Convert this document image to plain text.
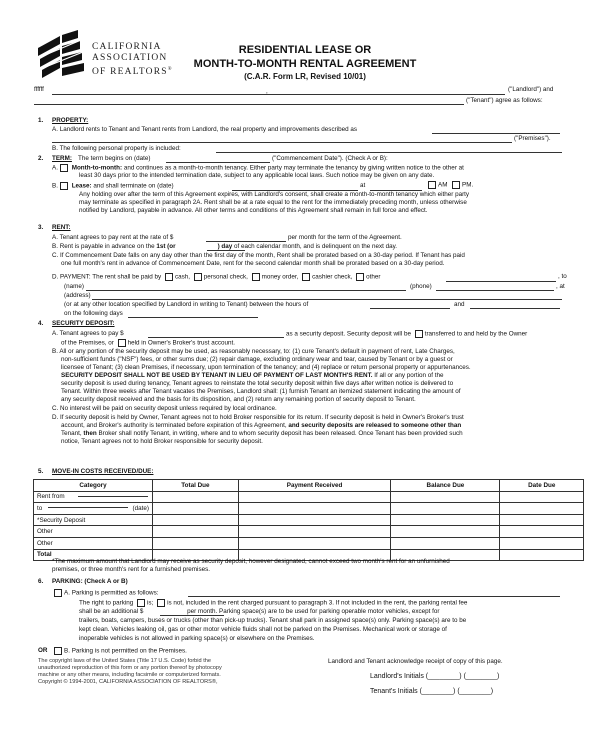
CALIFORNIA
ASSOCIATION
OF REALTORS®
RESIDENTIAL LEASE OR
MONTH-TO-MONTH RENTAL AGREEMENT
(C.A.R. Form LR, Revised 10/01)
ffffff	,	("Landlord") and
("Tenant") agree as follows:
1. PROPERTY:
A. Landlord rents to Tenant and Tenant rents from Landlord, the real property and improvements described as
("Premises").
B. The following personal property is included:
2. TERM: The term begins on (date)	("Commencement Date"). (Check A or B):
A. Month-to-month: and continues as a month-to-month tenancy. Either party may terminate the tenancy by giving written notice to the other at
least 30 days prior to the intended termination date, subject to any applicable local laws. Such notice may be given on any date.
B. Lease: and shall terminate on (date)	at	AM	PM.
Any holding over after the term of this Agreement expires, with Landlord's consent, shall create a month-to-month tenancy which either party
may terminate as specified in paragraph 2A. Rent shall be at a rate equal to the rent for the immediately preceding month, unless otherwise
notified by Landlord, payable in advance. All other terms and conditions of this Agreement shall remain in full force and effect.
3. RENT:
A. Tenant agrees to pay rent at the rate of $	per month for the term of the Agreement.
B. Rent is payable in advance on the 1st (or	) day of each calendar month, and is delinquent on the next day.
C. If Commencement Date falls on any day other than the first day of the month, Rent shall be prorated based on a 30-day period. If Tenant has paid
one full month's rent in advance of Commencement Date, rent for the second calendar month shall be prorated based on a 30-day period.
D. PAYMENT: The rent shall be paid by cash, personal check, money order, cashier check, other	, to
(name)	(phone)	, at
(address)
(or at any other location specified by Landlord in writing to Tenant) between the hours of	and
on the following days
4. SECURITY DEPOSIT:
A. Tenant agrees to pay $	as a security deposit. Security deposit will be transferred to and held by the Owner
of the Premises, or held in Owner's Broker's trust account.
B. All or any portion of the security deposit may be used, as reasonably necessary, to: (1) cure Tenant's default in payment of rent, Late Charges,
non-sufficient funds ("NSF") fees, or other sums due; (2) repair damage, excluding ordinary wear and tear, caused by Tenant or by a guest or
licensee of Tenant; (3) clean Premises, if necessary, upon termination of the tenancy; and (4) replace or return personal property or appurtenances.
SECURITY DEPOSIT SHALL NOT BE USED BY TENANT IN LIEU OF PAYMENT OF LAST MONTH'S RENT. If all or any portion of the
security deposit is used during tenancy, Tenant agrees to reinstate the total security deposit within five days after written notice is delivered to
Tenant. Within three weeks after Tenant vacates the Premises, Landlord shall: (1) furnish Tenant an itemized statement indicating the amount of
any security deposit received and the basis for its disposition, and (2) return any remaining portion of security deposit to Tenant.
C. No interest will be paid on security deposit unless required by local ordinance.
D. If security deposit is held by Owner, Tenant agrees not to hold Broker responsible for its return. If security deposit is held in Owner's Broker's trust
account, and Broker's authority is terminated before expiration of this Agreement, and security deposits are released to someone other than
Tenant, then Broker shall notify Tenant, in writing, where and to whom security deposit has been released. Once Tenant has been provided such
notice, Tenant agrees not to hold Broker responsible for security deposit.
5. MOVE-IN COSTS RECEIVED/DUE:
Category	Total Due	Payment Received	Balance Due	Date Due
Rent from				
to (date)				

*Security Deposit				
Other				
Other				
Total				
*The maximum amount that Landlord may receive as security deposit, however designated, cannot exceed two month's rent for an unfurnished
premises, or three month's rent for a furnished premises.
6. PARKING: (Check A or B)
A. Parking is permitted as follows:
The right to parking is; is not, included in the rent charged pursuant to paragraph 3. If not included in the rent, the parking rental fee
shall be an additional $	per month. Parking space(s) are to be used for parking operable motor vehicles, except for
trailers, boats, campers, buses or trucks (other than pick-up trucks). Tenant shall park in assigned space(s) only. Parking space(s) are to be
kept clean. Vehicles leaking oil, gas or other motor vehicle fluids shall not be parked on the Premises. Mechanical work or storage of
inoperable vehicles is not allowed in parking space(s) or elsewhere on the Premises.
OR	B. Parking is not permitted on the Premises.
The copyright laws of the United States (Title 17 U.S. Code) forbid the
unauthorized reproduction of this form or any portion thereof by photocopy
machine or any other means, including facsimile or computerized formats.
Copyright © 1994-2001, CALIFORNIA ASSOCIATION OF REALTORS®,
Landlord and Tenant acknowledge receipt of copy of this page.
Landlord's Initials (________) (________)
Tenant's Initials (________) (________)
